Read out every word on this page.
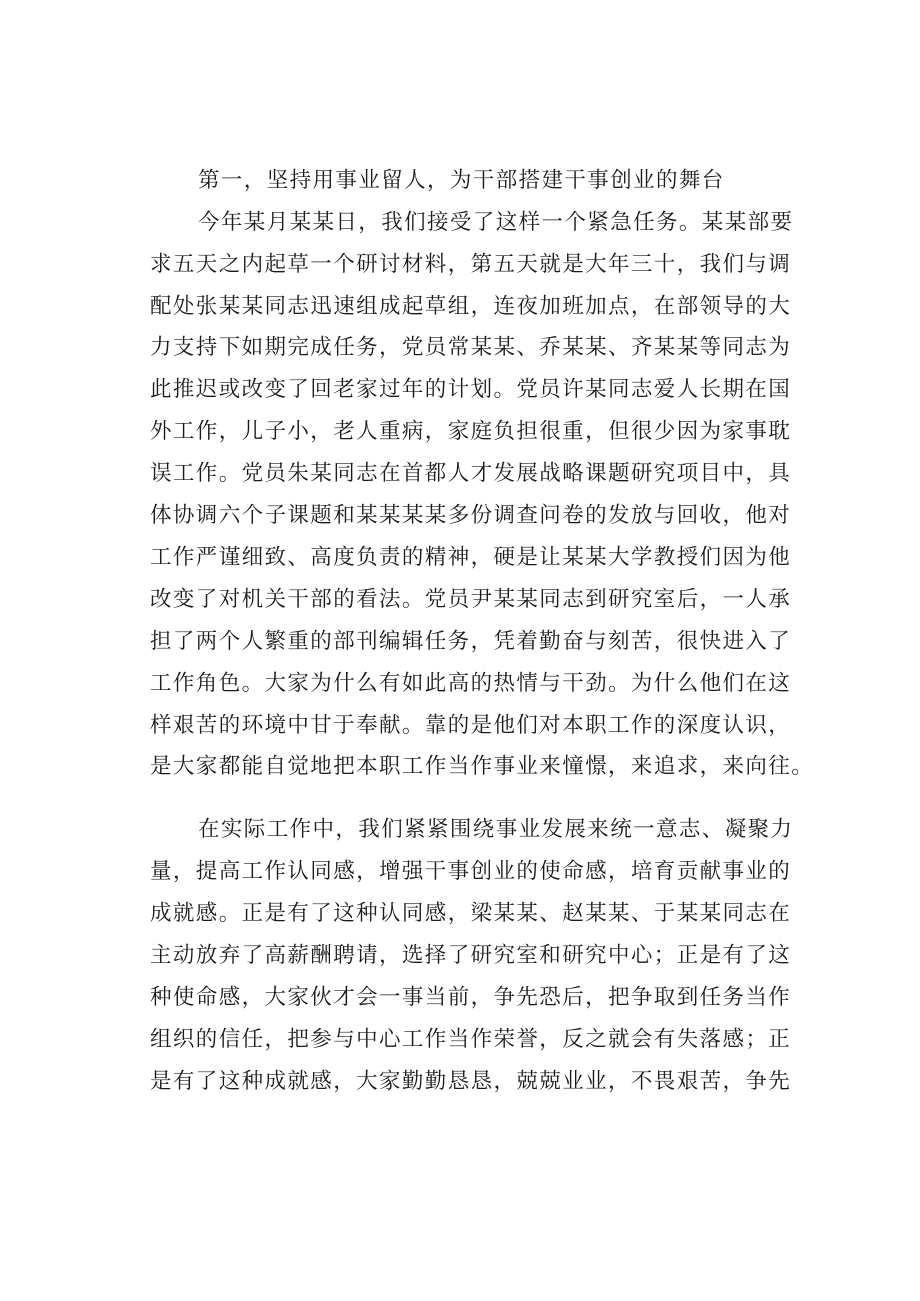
第一，坚持用事业留人，为干部搭建干事创业的舞台
今年某月某某日，我们接受了这样一个紧急任务。某某部要
求五天之内起草一个研讨材料，第五天就是大年三十，我们与调
配处张某某同志迅速组成起草组，连夜加班加点，在部领导的大
力支持下如期完成任务，党员常某某、乔某某、齐某某等同志为
此推迟或改变了回老家过年的计划。党员许某同志爱人长期在国
外工作，儿子小，老人重病，家庭负担很重，但很少因为家事耽
误工作。党员朱某同志在首都人才发展战略课题研究项目中，具
体协调六个子课题和某某某某多份调查问卷的发放与回收，他对
工作严谨细致、高度负责的精神，硬是让某某大学教授们因为他
改变了对机关干部的看法。党员尹某某同志到研究室后，一人承
担了两个人繁重的部刊编辑任务，凭着勤奋与刻苦，很快进入了
工作角色。大家为什么有如此高的热情与干劲。为什么他们在这
样艰苦的环境中甘于奉献。靠的是他们对本职工作的深度认识，
是大家都能自觉地把本职工作当作事业来憧憬，来追求，来向往。
在实际工作中，我们紧紧围绕事业发展来统一意志、凝聚力
量，提高工作认同感，增强干事创业的使命感，培育贡献事业的
成就感。正是有了这种认同感，梁某某、赵某某、于某某同志在
主动放弃了高薪酬聘请，选择了研究室和研究中心；正是有了这
种使命感，大家伙才会一事当前，争先恐后，把争取到任务当作
组织的信任，把参与中心工作当作荣誉，反之就会有失落感；正
是有了这种成就感，大家勤勤恳恳，兢兢业业，不畏艰苦，争先
